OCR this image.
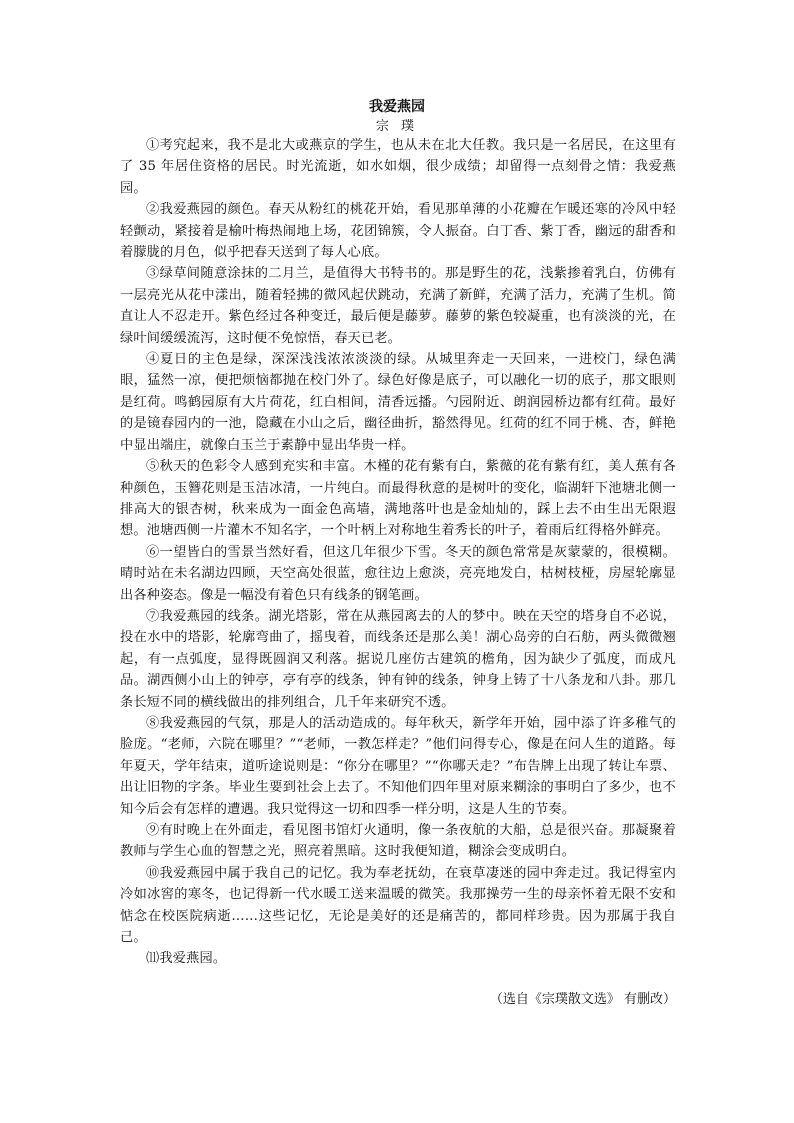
我爱燕园
宗 璞

①考究起来，我不是北大或燕京的学生，也从未在北大任教。我只是一名居民，在这里有了 35 年居住资格的居民。时光流逝，如水如烟，很少成绩；却留得一点刻骨之情：我爱燕园。

②我爱燕园的颜色。春天从粉红的桃花开始，看见那单薄的小花瓣在乍暖还寒的冷风中轻轻颤动，紧接着是榆叶梅热闹地上场，花团锦簇，令人振奋。白丁香、紫丁香，幽远的甜香和着朦胧的月色，似乎把春天送到了每人心底。

③绿草间随意涂抹的二月兰，是值得大书特书的。那是野生的花，浅紫掺着乳白，仿佛有一层亮光从花中漾出，随着轻拂的微风起伏跳动，充满了新鲜，充满了活力，充满了生机。简直让人不忍走开。紫色经过各种变迁，最后便是藤萝。藤萝的紫色较凝重，也有淡淡的光，在绿叶间缓缓流泻，这时便不免惊悟，春天已老。

④夏日的主色是绿，深深浅浅浓浓淡淡的绿。从城里奔走一天回来，一进校门，绿色满眼，猛然一凉，便把烦恼都抛在校门外了。绿色好像是底子，可以融化一切的底子，那文眼则是红荷。鸣鹤园原有大片荷花，红白相间，清香远播。勺园附近、朗润园桥边都有红荷。最好的是镜春园内的一池，隐藏在小山之后，幽径曲折，豁然得见。红荷的红不同于桃、杏，鲜艳中显出端庄，就像白玉兰于素静中显出华贵一样。

⑤秋天的色彩令人感到充实和丰富。木槿的花有紫有白，紫薇的花有紫有红，美人蕉有各种颜色，玉簪花则是玉洁冰清，一片纯白。而最得秋意的是树叶的变化，临湖轩下池塘北侧一排高大的银杏树，秋来成为一面金色高墙，满地落叶也是金灿灿的，踩上去不由生出无限遐想。池塘西侧一片灌木不知名字，一个叶柄上对称地生着秀长的叶子，着雨后红得格外鲜亮。

⑥一望皆白的雪景当然好看，但这几年很少下雪。冬天的颜色常常是灰蒙蒙的，很模糊。晴时站在未名湖边四顾，天空高处很蓝，愈往边上愈淡，亮亮地发白，枯树枝桠，房屋轮廓显出各种姿态。像是一幅没有着色只有线条的钢笔画。

⑦我爱燕园的线条。湖光塔影，常在从燕园离去的人的梦中。映在天空的塔身自不必说，投在水中的塔影，轮廓弯曲了，摇曳着，而线条还是那么美！湖心岛旁的白石舫，两头微微翘起，有一点弧度，显得既圆润又利落。据说几座仿古建筑的檐角，因为缺少了弧度，而成凡品。湖西侧小山上的钟亭，亭有亭的线条，钟有钟的线条，钟身上铸了十八条龙和八卦。那几条长短不同的横线做出的排列组合，几千年来研究不透。

⑧我爱燕园的气氛，那是人的活动造成的。每年秋天，新学年开始，园中添了许多稚气的脸庞。“老师，六院在哪里？”“老师，一教怎样走？”他们问得专心，像是在问人生的道路。每年夏天，学年结束，道听途说则是：“你分在哪里？”“你哪天走？”布告牌上出现了转让车票、出让旧物的字条。毕业生要到社会上去了。不知他们四年里对原来糊涂的事明白了多少，也不知今后会有怎样的遭遇。我只觉得这一切和四季一样分明，这是人生的节奏。

⑨有时晚上在外面走，看见图书馆灯火通明，像一条夜航的大船，总是很兴奋。那凝聚着教师与学生心血的智慧之光，照亮着黑暗。这时我便知道，糊涂会变成明白。

⑩我爱燕园中属于我自己的记忆。我为奉老抚幼，在衰草凄迷的园中奔走过。我记得室内冷如冰窖的寒冬，也记得新一代水暖工送来温暖的微笑。我那操劳一生的母亲怀着无限不安和惦念在校医院病逝……这些记忆，无论是美好的还是痛苦的，都同样珍贵。因为那属于我自己。

⑾我爱燕园。

（选自《宗璞散文选》 有删改）
